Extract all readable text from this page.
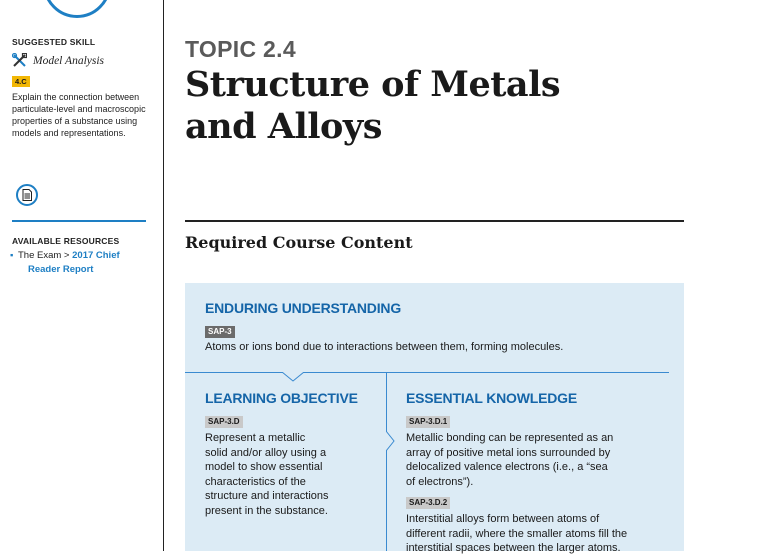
SUGGESTED SKILL
Model Analysis
4.C
Explain the connection between particulate-level and macroscopic properties of a substance using models and representations.
AVAILABLE RESOURCES
▪ The Exam > 2017 Chief
Reader Report
TOPIC 2.4
Structure of Metals
and Alloys
Required Course Content
ENDURING UNDERSTANDING
SAP-3
Atoms or ions bond due to interactions between them, forming molecules.
LEARNING OBJECTIVE
SAP-3.D
Represent a metallic
solid and/or alloy using a
model to show essential
characteristics of the
structure and interactions
present in the substance.
ESSENTIAL KNOWLEDGE
SAP-3.D.1
Metallic bonding can be represented as an
array of positive metal ions surrounded by
delocalized valence electrons (i.e., a “sea
of electrons”).
SAP-3.D.2
Interstitial alloys form between atoms of
different radii, where the smaller atoms fill the
interstitial spaces between the larger atoms.
